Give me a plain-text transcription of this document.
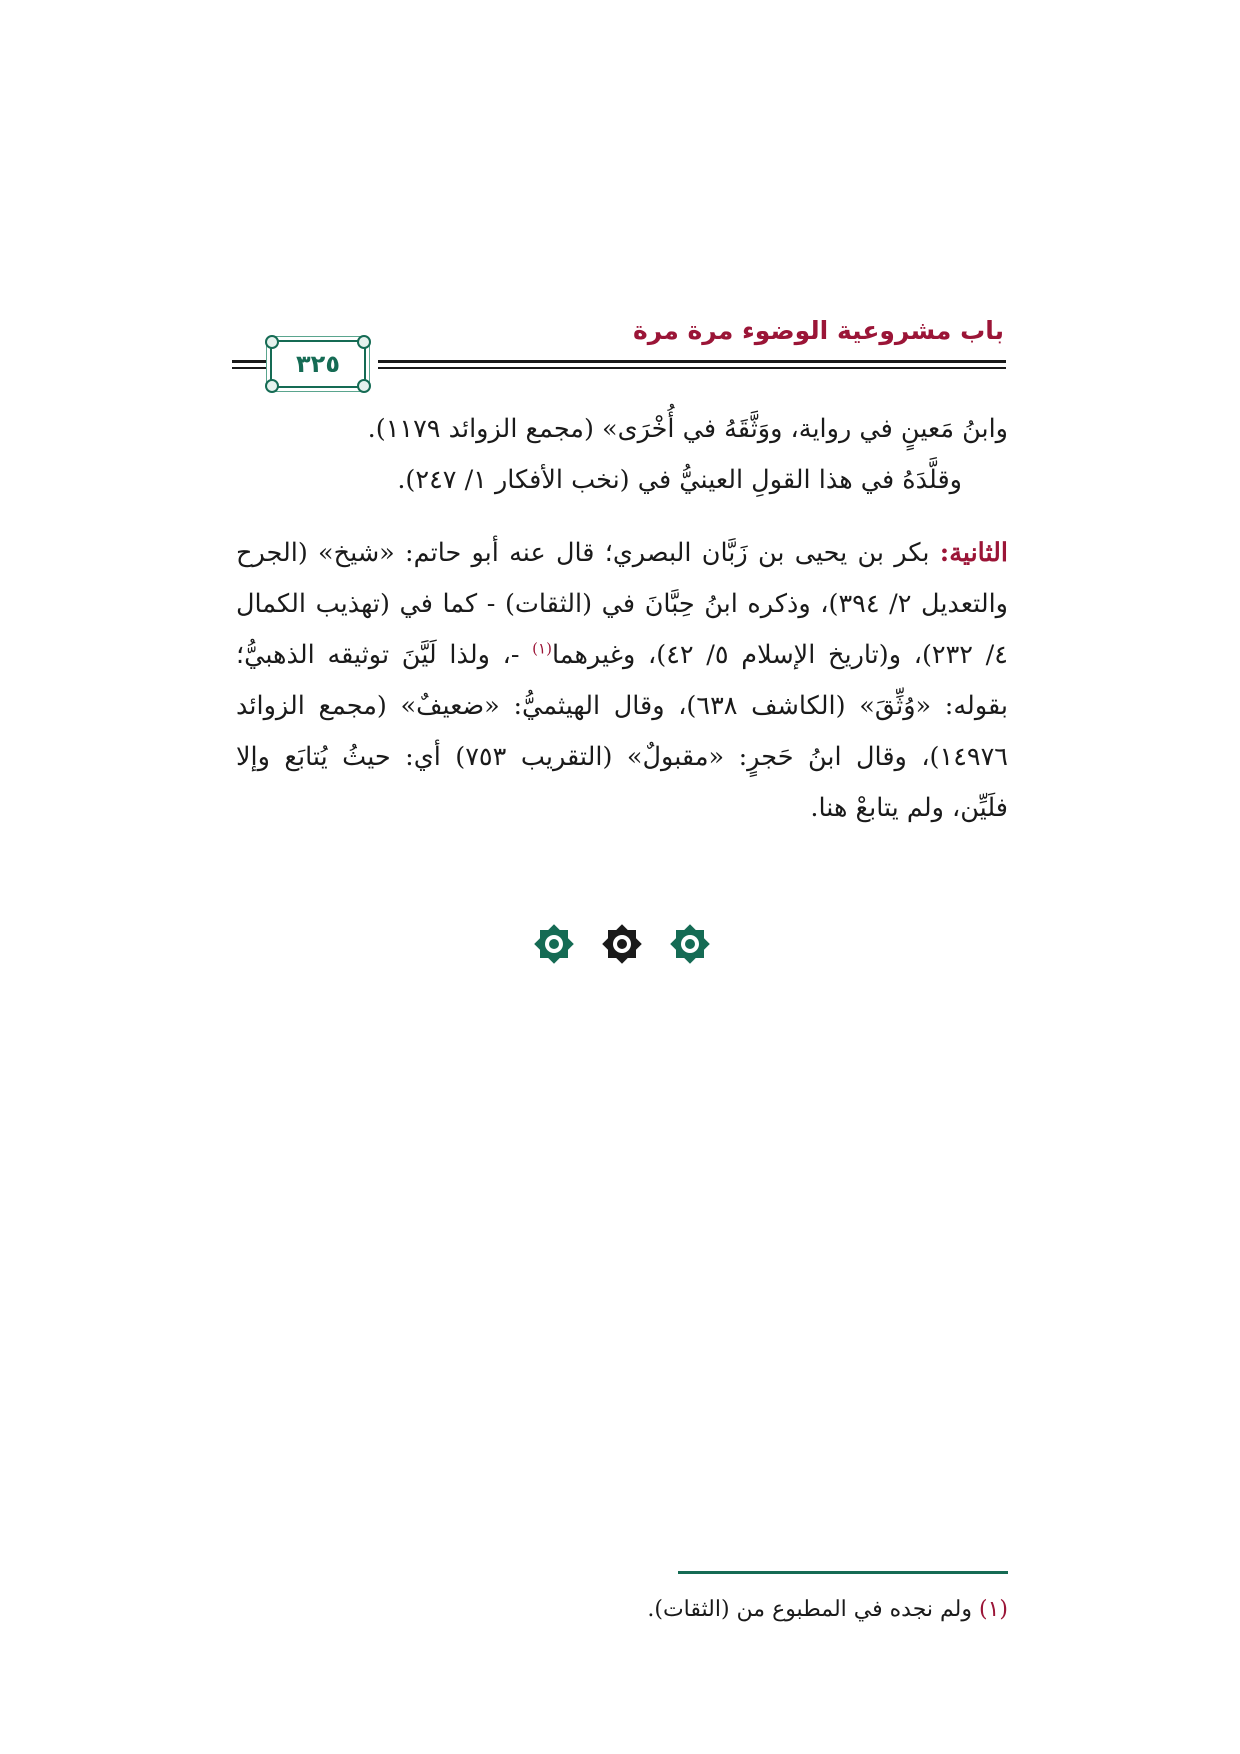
باب مشروعية الوضوء مرة مرة
٣٢٥

وابنُ مَعينٍ في رواية، ووَثَّقَهُ في أُخْرَى» (مجمع الزوائد ١١٧٩).

وقلَّدَهُ في هذا القولِ العينيُّ في (نخب الأفكار ١/ ٢٤٧).

الثانية: بكر بن يحيى بن زَبَّان البصري؛ قال عنه أبو حاتم: «شيخ» (الجرح والتعديل ٢/ ٣٩٤)، وذكره ابنُ حِبَّانَ في (الثقات) - كما في (تهذيب الكمال ٤/ ٢٣٢)، و(تاريخ الإسلام ٥/ ٤٢)، وغيرهما$^{(١)}$ -، ولذا لَيَّنَ توثيقه الذهبيُّ؛ بقوله: «وُثِّقَ» (الكاشف ٦٣٨)، وقال الهيثميُّ: «ضعيفٌ» (مجمع الزوائد ١٤٩٧٦)، وقال ابنُ حَجرٍ: «مقبولٌ» (التقريب ٧٥٣) أي: حيثُ يُتابَع وإلا فلَيِّن، ولم يتابعْ هنا.

(١) ولم نجده في المطبوع من (الثقات).
